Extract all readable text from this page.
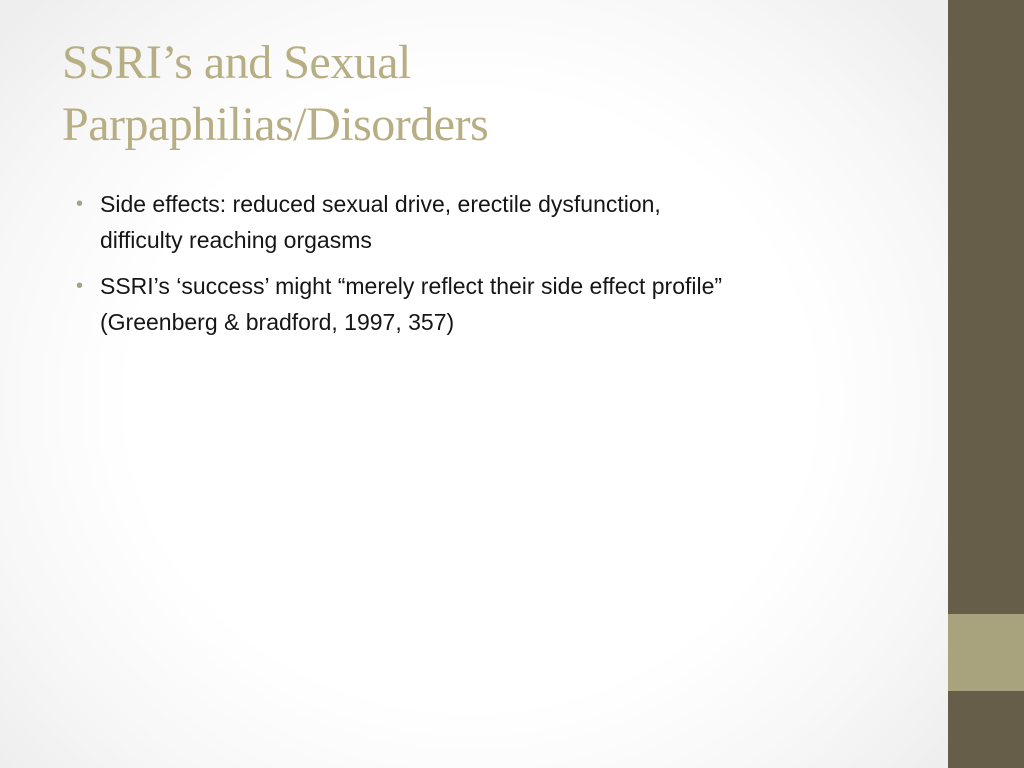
SSRI’s and Sexual
Parpaphilias/Disorders
• Side effects: reduced sexual drive, erectile dysfunction,
difficulty reaching orgasms
• SSRI’s ‘success’ might “merely reflect their side effect profile”
(Greenberg & bradford, 1997, 357)
